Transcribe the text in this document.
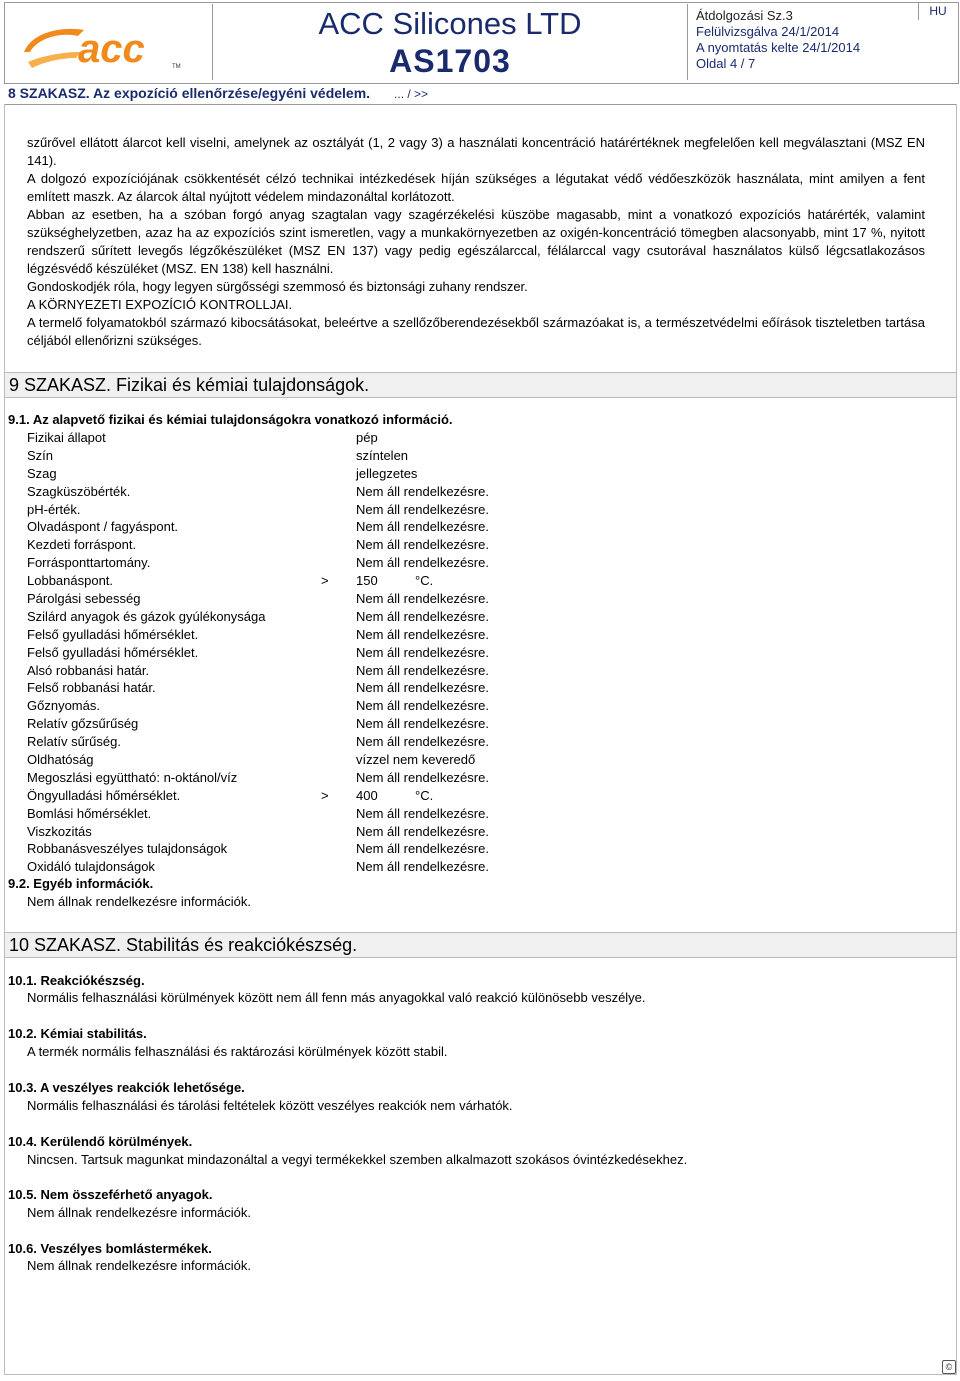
acc	TM
ACC Silicones LTD
AS1703
Átdolgozási Sz.3
Felülvizsgálva 24/1/2014
A nyomtatás kelte 24/1/2014
Oldal 4 / 7
HU
8 SZAKASZ. Az expozíció ellenőrzése/egyéni védelem. ... / >>

szűrővel ellátott álarcot kell viselni, amelynek az osztályát (1, 2 vagy 3) a használati koncentráció határértéknek megfelelően kell megválasztani (MSZ EN 141).

A dolgozó expozíciójának csökkentését célzó technikai intézkedések híján szükséges a légutakat védő védőeszközök használata, mint amilyen a fent említett maszk. Az álarcok által nyújtott védelem mindazonáltal korlátozott.

Abban az esetben, ha a szóban forgó anyag szagtalan vagy szagérzékelési küszöbe magasabb, mint a vonatkozó expozíciós határérték, valamint szükséghelyzetben, azaz ha az expozíciós szint ismeretlen, vagy a munkakörnyezetben az oxigén-koncentráció tömegben alacsonyabb, mint 17 %, nyitott rendszerű sűrített levegős légzőkészüléket (MSZ EN 137) vagy pedig egészálarccal, félálarccal vagy csutorával használatos külső légcsatlakozásos légzésvédő készüléket (MSZ. EN 138) kell használni.

Gondoskodjék róla, hogy legyen sürgősségi szemmosó és biztonsági zuhany rendszer.

A KÖRNYEZETI EXPOZÍCIÓ KONTROLLJAI.

A termelő folyamatokból származó kibocsátásokat, beleértve a szellőzőberendezésekből származóakat is, a természetvédelmi eőírások tiszteletben tartása céljából ellenőrizni szükséges.

9 SZAKASZ. Fizikai és kémiai tulajdonságok.
9.1. Az alapvető fizikai és kémiai tulajdonságokra vonatkozó információ.
Fizikai állapot	pép
Szín	színtelen
Szag	jellegzetes
Szagküszöbérték.	Nem áll rendelkezésre.
pH-érték.	Nem áll rendelkezésre.
Olvadáspont / fagyáspont.	Nem áll rendelkezésre.
Kezdeti forráspont.	Nem áll rendelkezésre.
Forrásponttartomány.	Nem áll rendelkezésre.
Lobbanáspont.	> 150	°C.
Párolgási sebesség	Nem áll rendelkezésre.
Szilárd anyagok és gázok gyúlékonysága	Nem áll rendelkezésre.
Felső gyulladási hőmérséklet.	Nem áll rendelkezésre.
Felső gyulladási hőmérséklet.	Nem áll rendelkezésre.
Alsó robbanási határ.	Nem áll rendelkezésre.
Felső robbanási határ.	Nem áll rendelkezésre.
Gőznyomás.	Nem áll rendelkezésre.
Relatív gőzsűrűség	Nem áll rendelkezésre.
Relatív sűrűség.	Nem áll rendelkezésre.
Oldhatóság	vízzel nem keveredő
Megoszlási együttható: n-oktánol/víz	Nem áll rendelkezésre.
Öngyulladási hőmérséklet.	> 400	°C.
Bomlási hőmérséklet.	Nem áll rendelkezésre.
Viszkozitás	Nem áll rendelkezésre.
Robbanásveszélyes tulajdonságok	Nem áll rendelkezésre.
Oxidáló tulajdonságok	Nem áll rendelkezésre.
9.2. Egyéb információk.
Nem állnak rendelkezésre információk.
10 SZAKASZ. Stabilitás és reakciókészség.
10.1. Reakciókészség.
Normális felhasználási körülmények között nem áll fenn más anyagokkal való reakció különösebb veszélye.
10.2. Kémiai stabilitás.
A termék normális felhasználási és raktározási körülmények között stabil.
10.3. A veszélyes reakciók lehetősége.
Normális felhasználási és tárolási feltételek között veszélyes reakciók nem várhatók.
10.4. Kerülendő körülmények.
Nincsen. Tartsuk magunkat mindazonáltal a vegyi termékekkel szemben alkalmazott szokásos óvintézkedésekhez.
10.5. Nem összeférhető anyagok.
Nem állnak rendelkezésre információk.
10.6. Veszélyes bomlástermékek.
Nem állnak rendelkezésre információk.
©
